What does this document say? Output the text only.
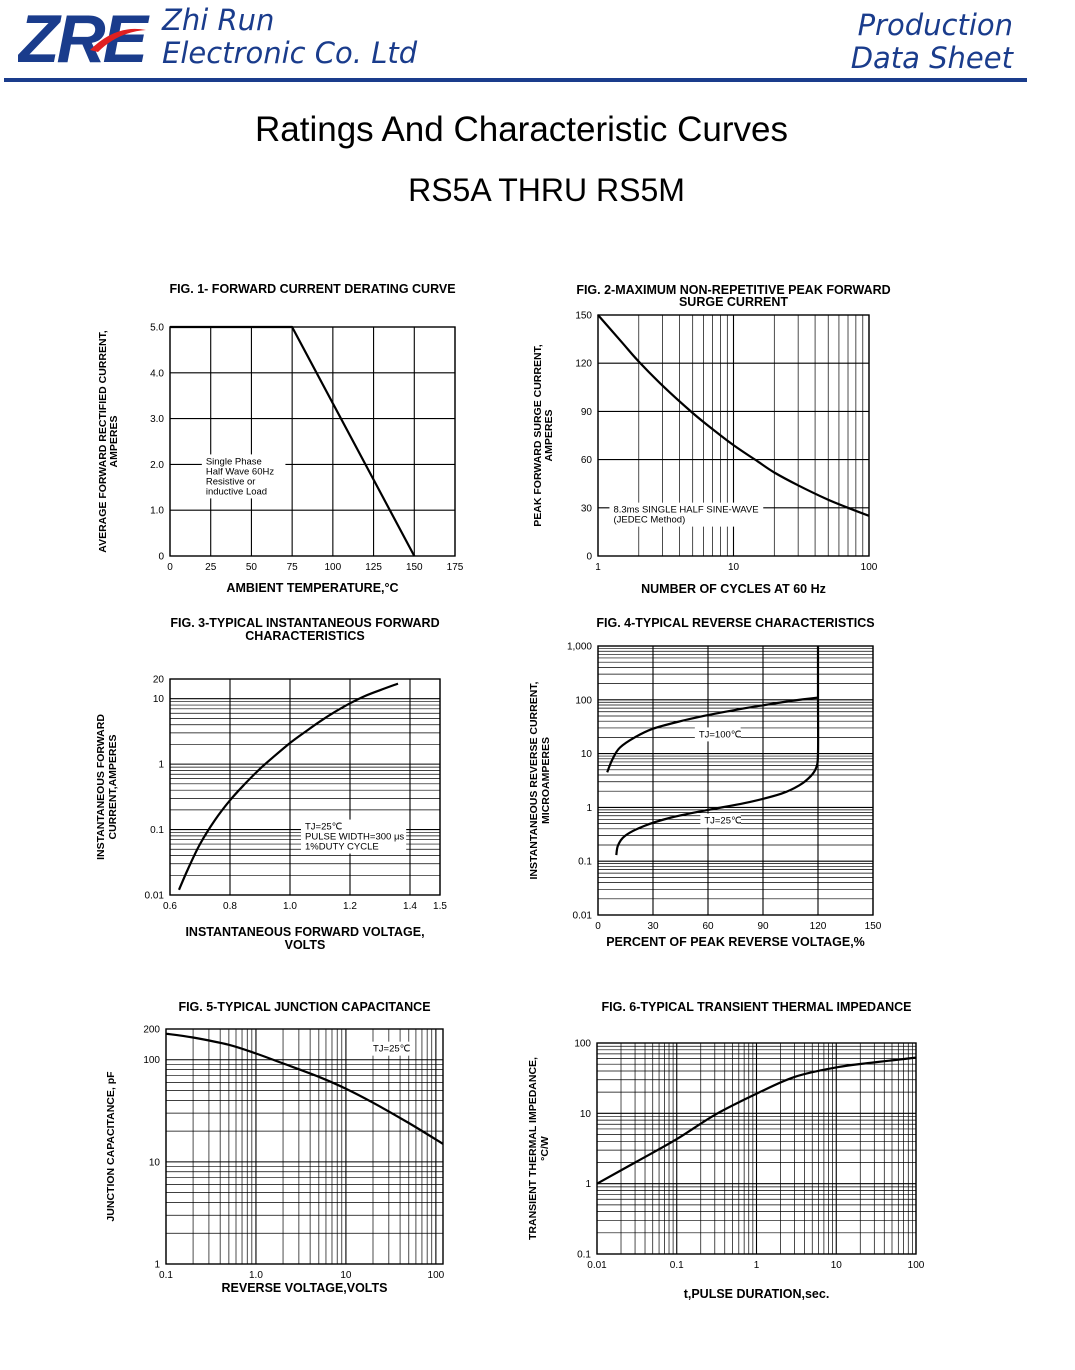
ZRE Zhi Run
Electronic Co. Ltd
Production
Data Sheet
Ratings And Characteristic Curves
RS5A THRU RS5M
FIG. 1- FORWARD CURRENT DERATING CURVE
0	25	50	75	100 125 150 175
0
1.0
2.0
3.0
4.0
5.0
AMBIENT TEMPERATURE,°C
AVERAGE FORWARD RECTIFIED CURRENT, AMPERES	Single Phase
Half Wave 60Hz
Resistive or
inductive Load
FIG. 2-MAXIMUM NON-REPETITIVE PEAK FORWARD
SURGE CURRENT
1	10	100
0
30
60
90
120
150
NUMBER OF CYCLES AT 60 Hz
PEAK FORWARD SURGE CURRENT, AMPERES
8.3ms SINGLE HALF SINE-WAVE
(JEDEC Method)
FIG. 3-TYPICAL INSTANTANEOUS FORWARD
CHARACTERISTICS
0.6	0.8	1.0	1.2	1.4 1.5
0.01
0.1
1
10
20
INSTANTANEOUS FORWARD VOLTAGE,
VOLTS
INSTANTANEOUS FORWARD CURRENT,AMPERES	TJ=25℃
PULSE WIDTH=300 μs
1%DUTY CYCLE
FIG. 4-TYPICAL REVERSE CHARACTERISTICS
0	30	60	90	120	150
0.01
0.1
1
10
100
1,000
PERCENT OF PEAK REVERSE VOLTAGE,%
INSTANTANEOUS REVERSE CURRENT, MICROAMPERES
TJ=100℃
TJ=25℃
FIG. 5-TYPICAL JUNCTION CAPACITANCE
0.1	1.0	10	100
1
10
100
200
REVERSE VOLTAGE,VOLTS
JUNCTION CAPACITANCE, pF
TJ=25℃
FIG. 6-TYPICAL TRANSIENT THERMAL IMPEDANCE
0.01	0.1	1	10	100
0.1
1
10
100
t,PULSE DURATION,sec.
TRANSIENT THERMAL IMPEDANCE, °C/W
